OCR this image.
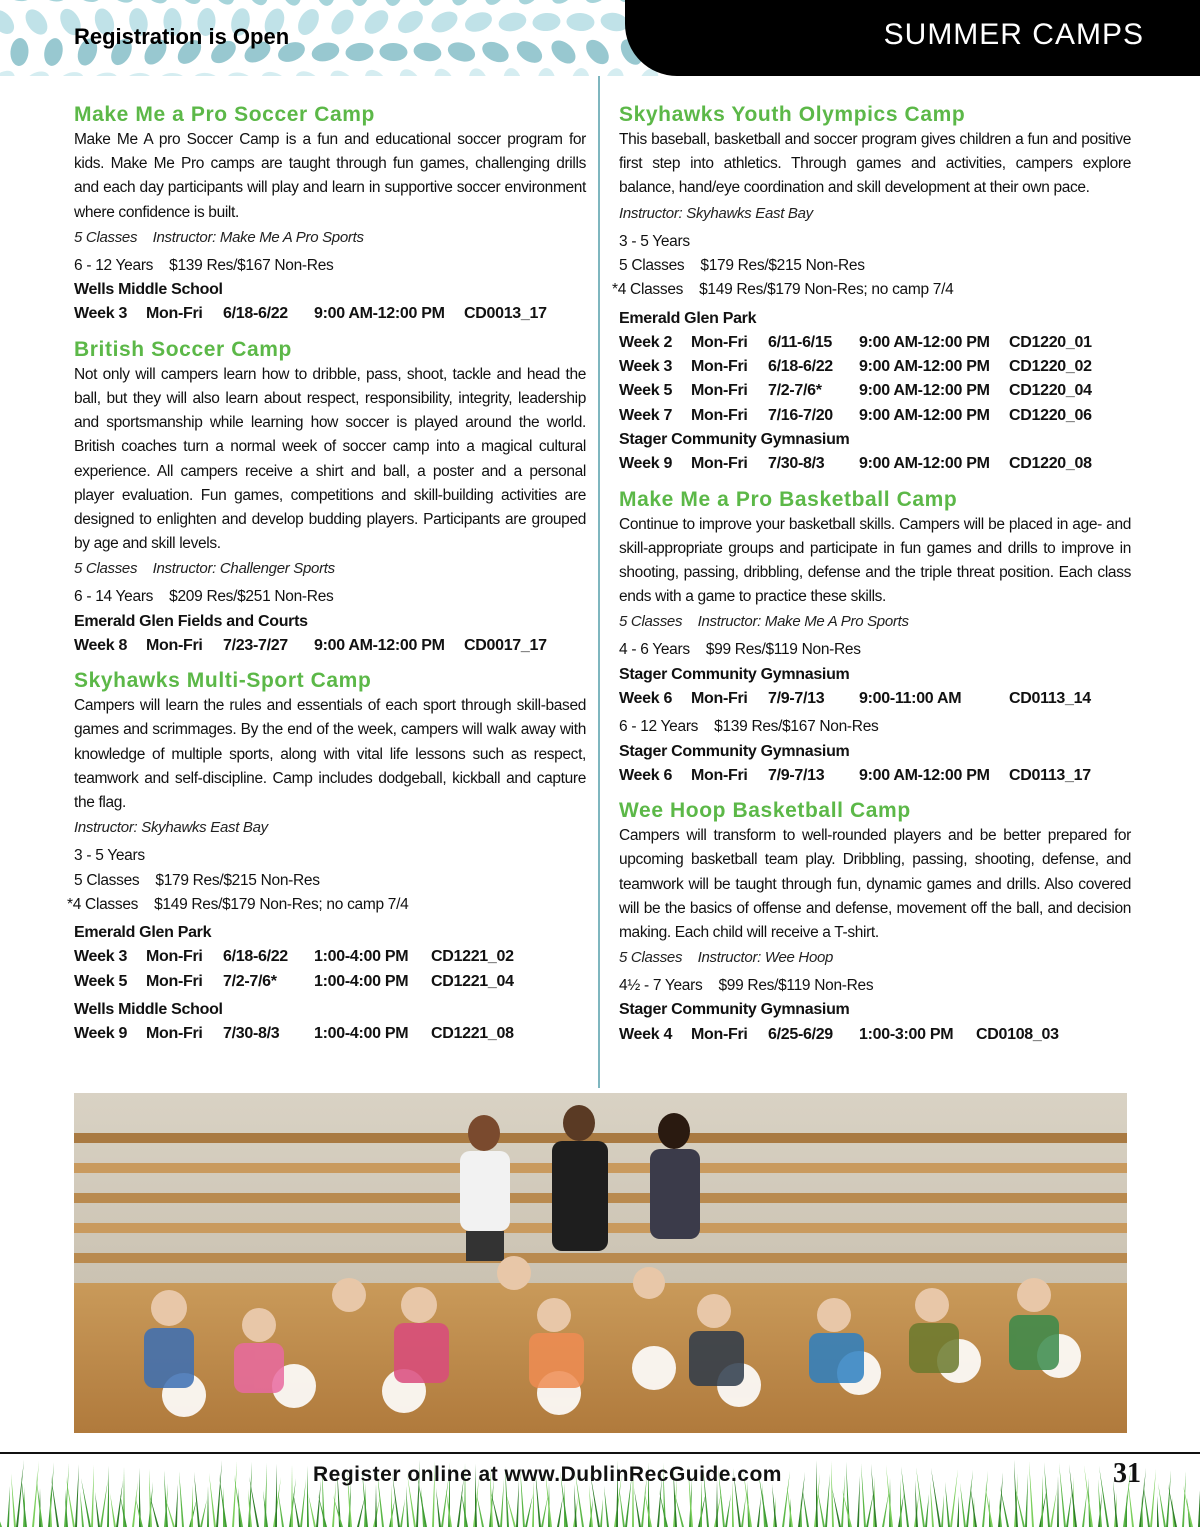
Registration is Open	SUMMER CAMPS
Make Me a Pro Soccer Camp
Make Me A pro Soccer Camp is a fun and educational soccer program for kids. Make Me Pro camps are taught through fun games, challenging drills and each day participants will play and learn in supportive soccer environment where confidence is built.
5 Classes    Instructor: Make Me A Pro Sports
6 - 12 Years    $139 Res/$167 Non-Res
Wells Middle School
Week 3	Mon-Fri	6/18-6/22	9:00 AM-12:00 PM	CD0013_17
British Soccer Camp
Not only will campers learn how to dribble, pass, shoot, tackle and head the ball, but they will also learn about respect, responsibility, integrity, leadership and sportsmanship while learning how soccer is played around the world. British coaches turn a normal week of soccer camp into a magical cultural experience. All campers receive a shirt and ball, a poster and a personal player evaluation. Fun games, competitions and skill-building activities are designed to enlighten and develop budding players. Participants are grouped by age and skill levels.
5 Classes    Instructor: Challenger Sports
6 - 14 Years    $209 Res/$251 Non-Res
Emerald Glen Fields and Courts
Week 8	Mon-Fri	7/23-7/27	9:00 AM-12:00 PM	CD0017_17
Skyhawks Multi-Sport Camp
Campers will learn the rules and essentials of each sport through skill-based games and scrimmages. By the end of the week, campers will walk away with knowledge of multiple sports, along with vital life lessons such as respect, teamwork and self-discipline. Camp includes dodgeball, kickball and capture the flag.
Instructor: Skyhawks East Bay
3 - 5 Years
5 Classes    $179 Res/$215 Non-Res
*4 Classes    $149 Res/$179 Non-Res; no camp 7/4
Emerald Glen Park
Week 3	Mon-Fri	6/18-6/22	1:00-4:00 PM	CD1221_02
Week 5	Mon-Fri	7/2-7/6*	1:00-4:00 PM	CD1221_04
Wells Middle School
Week 9	Mon-Fri	7/30-8/3	1:00-4:00 PM	CD1221_08
Skyhawks Youth Olympics Camp
This baseball, basketball and soccer program gives children a fun and positive first step into athletics. Through games and activities, campers explore balance, hand/eye coordination and skill development at their own pace.
Instructor: Skyhawks East Bay
3 - 5 Years
5 Classes    $179 Res/$215 Non-Res
*4 Classes    $149 Res/$179 Non-Res; no camp 7/4
Emerald Glen Park
Week 2	Mon-Fri	6/11-6/15	9:00 AM-12:00 PM	CD1220_01
Week 3	Mon-Fri	6/18-6/22	9:00 AM-12:00 PM	CD1220_02
Week 5	Mon-Fri	7/2-7/6*	9:00 AM-12:00 PM	CD1220_04
Week 7	Mon-Fri	7/16-7/20	9:00 AM-12:00 PM	CD1220_06
Stager Community Gymnasium
Week 9	Mon-Fri	7/30-8/3	9:00 AM-12:00 PM	CD1220_08
Make Me a Pro Basketball Camp
Continue to improve your basketball skills. Campers will be placed in age- and skill-appropriate groups and participate in fun games and drills to improve in shooting, passing, dribbling, defense and the triple threat position. Each class ends with a game to practice these skills.
5 Classes    Instructor: Make Me A Pro Sports
4 - 6 Years    $99 Res/$119 Non-Res
Stager Community Gymnasium
Week 6	Mon-Fri	7/9-7/13	9:00-11:00 AM	CD0113_14
6 - 12 Years    $139 Res/$167 Non-Res
Stager Community Gymnasium
Week 6	Mon-Fri	7/9-7/13	9:00 AM-12:00 PM	CD0113_17
Wee Hoop Basketball Camp
Campers will transform to well-rounded players and be better prepared for upcoming basketball team play. Dribbling, passing, shooting, defense, and teamwork will be taught through fun, dynamic games and drills. Also covered will be the basics of offense and defense, movement off the ball, and decision making. Each child will receive a T-shirt.
5 Classes    Instructor: Wee Hoop
4½ - 7 Years    $99 Res/$119 Non-Res
Stager Community Gymnasium
Week 4	Mon-Fri	6/25-6/29	1:00-3:00 PM	CD0108_03
Register online at www.DublinRecGuide.com	31
